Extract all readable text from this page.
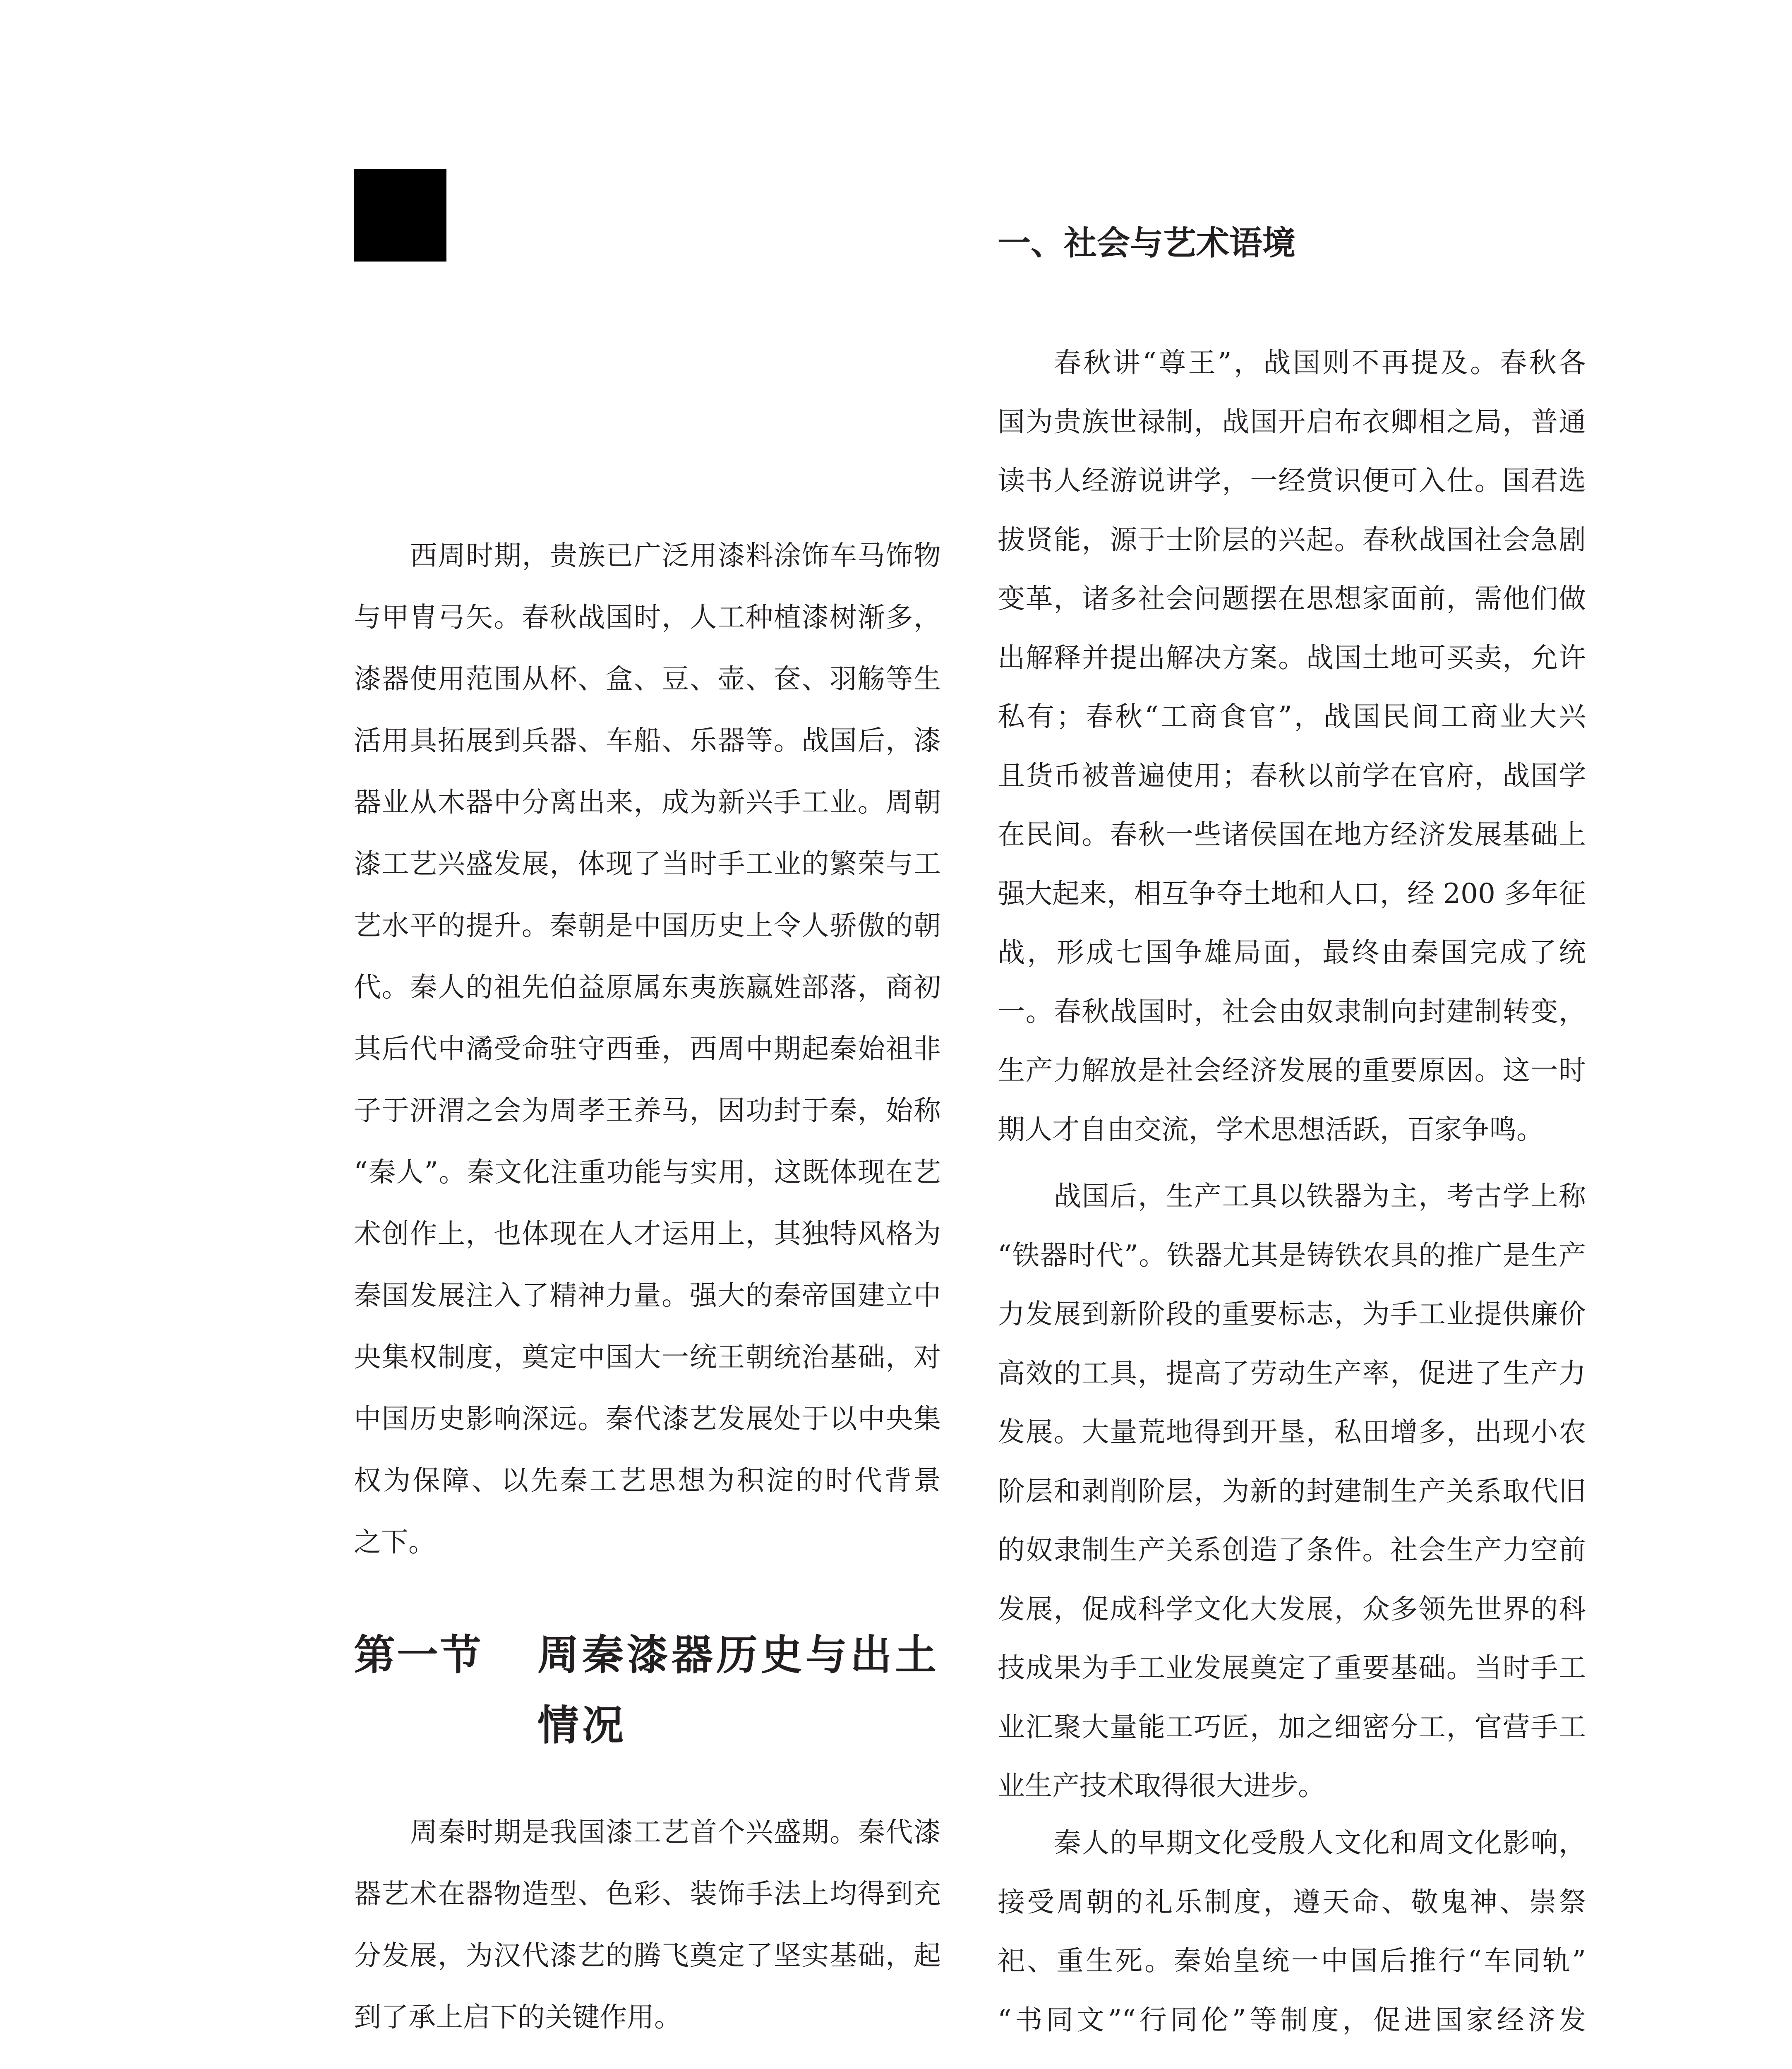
西周时期，贵族已广泛用漆料涂饰车马饰物
与甲胄弓矢。春秋战国时，人工种植漆树渐多，
漆器使用范围从杯、盒、豆、壶、奁、羽觞等生
活用具拓展到兵器、车船、乐器等。战国后，漆
器业从木器中分离出来，成为新兴手工业。周朝
漆工艺兴盛发展，体现了当时手工业的繁荣与工
艺水平的提升。秦朝是中国历史上令人骄傲的朝
代。秦人的祖先伯益原属东夷族嬴姓部落，商初
其后代中潏受命驻守西垂，西周中期起秦始祖非
子于汧渭之会为周孝王养马，因功封于秦，始称
“秦人”。秦文化注重功能与实用，这既体现在艺
术创作上，也体现在人才运用上，其独特风格为
秦国发展注入了精神力量。强大的秦帝国建立中
央集权制度，奠定中国大一统王朝统治基础，对
中国历史影响深远。秦代漆艺发展处于以中央集
权为保障、以先秦工艺思想为积淀的时代背景
之下。
第一节 周秦漆器历史与出土情况
周秦时期是我国漆工艺首个兴盛期。秦代漆
器艺术在器物造型、色彩、装饰手法上均得到充
分发展，为汉代漆艺的腾飞奠定了坚实基础，起
到了承上启下的关键作用。
一、社会与艺术语境
春秋讲“尊王”，战国则不再提及。春秋各
国为贵族世禄制，战国开启布衣卿相之局，普通
读书人经游说讲学，一经赏识便可入仕。国君选
拔贤能，源于士阶层的兴起。春秋战国社会急剧
变革，诸多社会问题摆在思想家面前，需他们做
出解释并提出解决方案。战国土地可买卖，允许
私有；春秋“工商食官”，战国民间工商业大兴
且货币被普遍使用；春秋以前学在官府，战国学
在民间。春秋一些诸侯国在地方经济发展基础上
强大起来，相互争夺土地和人口，经 200 多年征
战，形成七国争雄局面，最终由秦国完成了统
一。春秋战国时，社会由奴隶制向封建制转变，
生产力解放是社会经济发展的重要原因。这一时
期人才自由交流，学术思想活跃，百家争鸣。
战国后，生产工具以铁器为主，考古学上称
“铁器时代”。铁器尤其是铸铁农具的推广是生产
力发展到新阶段的重要标志，为手工业提供廉价
高效的工具，提高了劳动生产率，促进了生产力
发展。大量荒地得到开垦，私田增多，出现小农
阶层和剥削阶层，为新的封建制生产关系取代旧
的奴隶制生产关系创造了条件。社会生产力空前
发展，促成科学文化大发展，众多领先世界的科
技成果为手工业发展奠定了重要基础。当时手工
业汇聚大量能工巧匠，加之细密分工，官营手工
业生产技术取得很大进步。
秦人的早期文化受殷人文化和周文化影响，
接受周朝的礼乐制度，遵天命、敬鬼神、崇祭
祀、重生死。秦始皇统一中国后推行“车同轨”
“书同文”“行同伦”等制度，促进国家经济发
